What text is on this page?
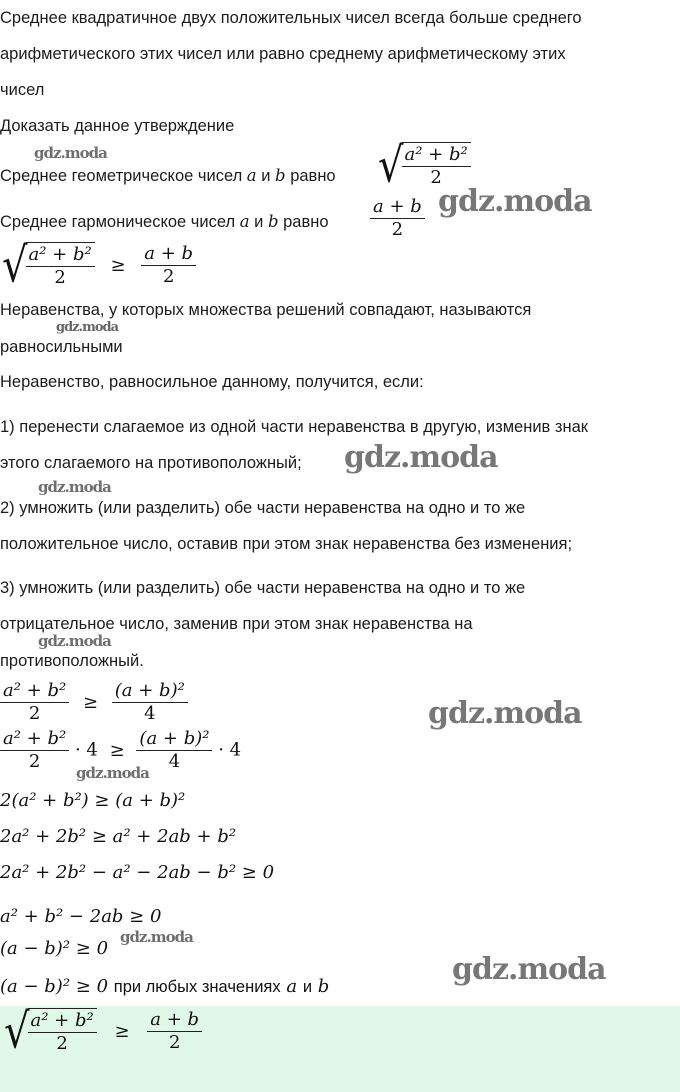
Среднее квадратичное двух положительных чисел всегда больше среднего
арифметического этих чисел или равно среднему арифметическому этих
чисел
Доказать данное утверждение
Среднее геометрическое чисел a и b равно √
$\frac{\text{a² + b²}}{2}$
Среднее гармоническое чисел a и b равно $\frac{a + b}{2}$
√
$\frac{\text{a² + b²}}{2} \ge \frac{a + b}{2}$
Неравенства, у которых множества решений совпадают, называются
равносильными
Неравенство, равносильное данному, получится, если:
1) перенести слагаемое из одной части неравенства в другую, изменив знак
этого слагаемого на противоположный;
2) умножить (или разделить) обе части неравенства на одно и то же
положительное число, оставив при этом знак неравенства без изменения;
3) умножить (или разделить) обе части неравенства на одно и то же
отрицательное число, заменив при этом знак неравенства на
противоположный.
$\frac{\text{a² + b²}}{2} \ge \frac{\text{(a + b)²}}{4}$
$\frac{\text{a² + b²}}{2} \cdot 4 \ge \frac{\text{(a + b)²}}{4} \cdot 4$
2(a² + b²) ≥ (a + b)²
2a² + 2b² ≥ a² + 2ab + b²
2a² + 2b² − a² − 2ab − b² ≥ 0
a² + b² − 2ab ≥ 0
(a − b)² ≥ 0
(a − b)² ≥ 0 при любых значениях a и b
√
$\frac{\text{a² + b²}}{2} \ge \frac{a + b}{2}$
gdz.moda
gdz.moda
gdz.moda
gdz.moda
gdz.moda
gdz.moda
gdz.moda
gdz.moda
gdz.moda
gdz.moda
